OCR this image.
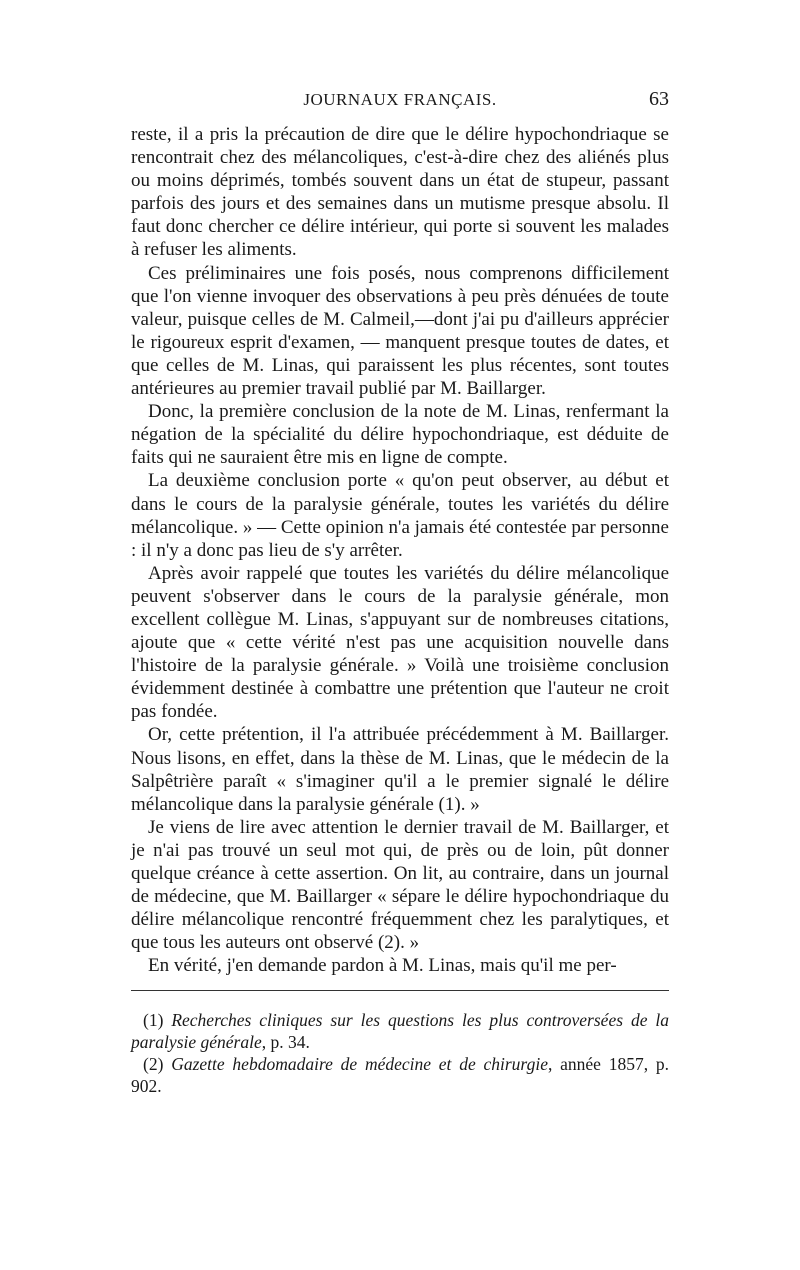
JOURNAUX FRANÇAIS.	63

reste, il a pris la précaution de dire que le délire hypochondriaque se rencontrait chez des mélancoliques, c'est-à-dire chez des aliénés plus ou moins déprimés, tombés souvent dans un état de stupeur, passant parfois des jours et des semaines dans un mutisme presque absolu. Il faut donc chercher ce délire intérieur, qui porte si souvent les malades à refuser les aliments.

Ces préliminaires une fois posés, nous comprenons difficilement que l'on vienne invoquer des observations à peu près dénuées de toute valeur, puisque celles de M. Calmeil,—dont j'ai pu d'ailleurs apprécier le rigoureux esprit d'examen, — manquent presque toutes de dates, et que celles de M. Linas, qui paraissent les plus récentes, sont toutes antérieures au premier travail publié par M. Baillarger.

Donc, la première conclusion de la note de M. Linas, renfermant la négation de la spécialité du délire hypochondriaque, est déduite de faits qui ne sauraient être mis en ligne de compte.

La deuxième conclusion porte « qu'on peut observer, au début et dans le cours de la paralysie générale, toutes les variétés du délire mélancolique. » — Cette opinion n'a jamais été contestée par personne : il n'y a donc pas lieu de s'y arrêter.

Après avoir rappelé que toutes les variétés du délire mélancolique peuvent s'observer dans le cours de la paralysie générale, mon excellent collègue M. Linas, s'appuyant sur de nombreuses citations, ajoute que « cette vérité n'est pas une acquisition nouvelle dans l'histoire de la paralysie générale. » Voilà une troisième conclusion évidemment destinée à combattre une prétention que l'auteur ne croit pas fondée.

Or, cette prétention, il l'a attribuée précédemment à M. Baillarger. Nous lisons, en effet, dans la thèse de M. Linas, que le médecin de la Salpêtrière paraît « s'imaginer qu'il a le premier signalé le délire mélancolique dans la paralysie générale (1). »

Je viens de lire avec attention le dernier travail de M. Baillarger, et je n'ai pas trouvé un seul mot qui, de près ou de loin, pût donner quelque créance à cette assertion. On lit, au contraire, dans un journal de médecine, que M. Baillarger « sépare le délire hypochondriaque du délire mélancolique rencontré fréquemment chez les paralytiques, et que tous les auteurs ont observé (2). »

En vérité, j'en demande pardon à M. Linas, mais qu'il me per-

(1) Recherches cliniques sur les questions les plus controversées de la paralysie générale, p. 34.

(2) Gazette hebdomadaire de médecine et de chirurgie, année 1857, p. 902.
